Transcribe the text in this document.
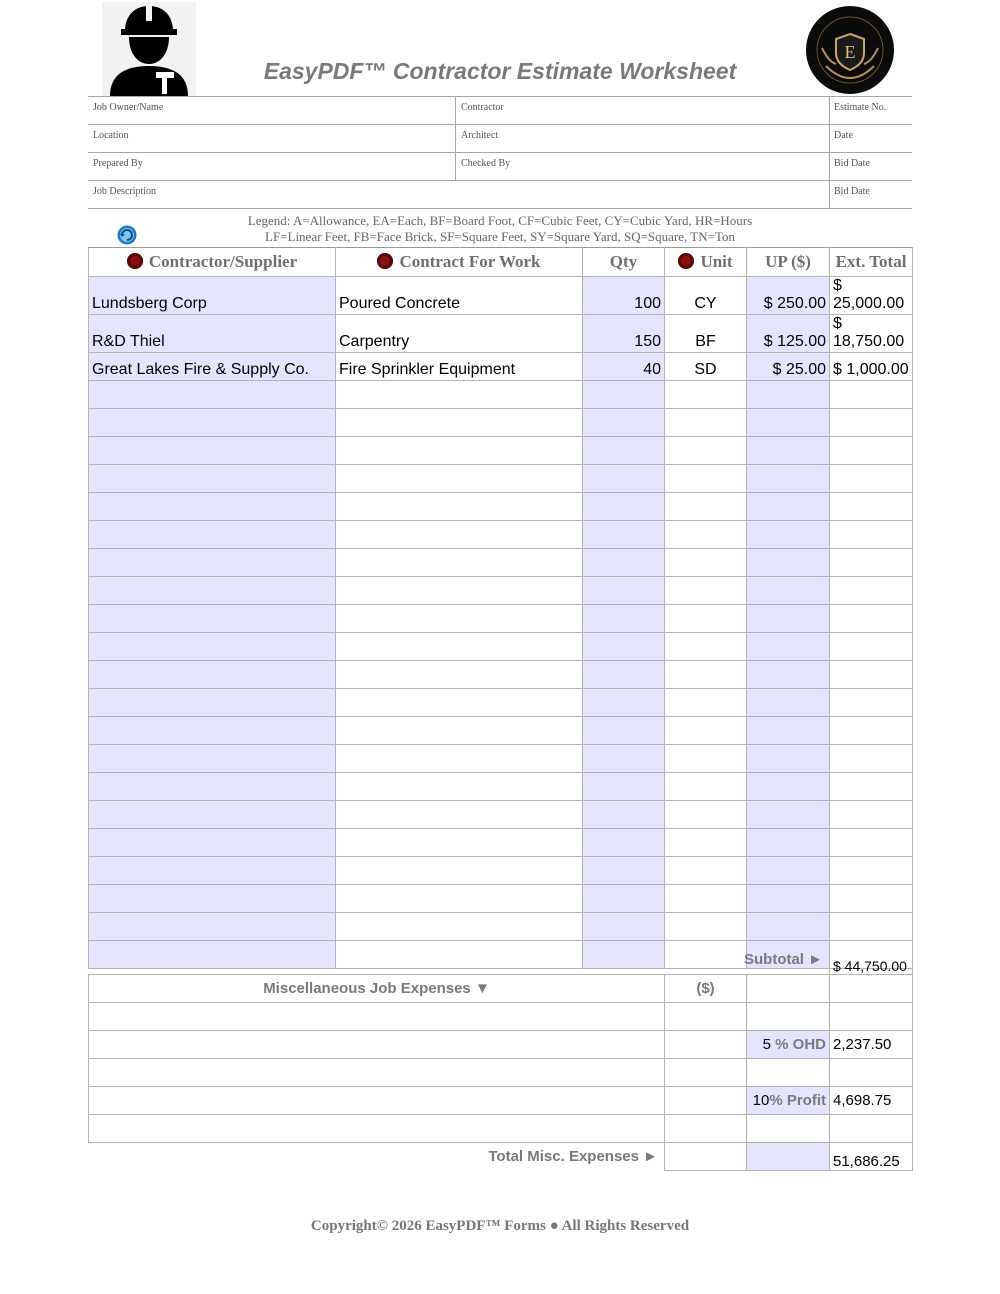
E
EasyPDF™ Contractor Estimate Worksheet
Job Owner/Name	Contractor	Estimate No.
Location	Architect	Date
Prepared By	Checked By	Bid Date
Job Description	Bid Date
Legend: A=Allowance, EA=Each, BF=Board Foot, CF=Cubic Feet, CY=Cubic Yard, HR=Hours
LF=Linear Feet, FB=Face Brick, SF=Square Feet, SY=Square Yard, SQ=Square, TN=Ton
Contractor/Supplier	Contract For Work	Qty	Unit	UP ($)	Ext. Total
Lundsberg Corp	Poured Concrete	100	CY	$ 250.00	$ 25,000.00
R&D Thiel	Carpentry	150	BF	$ 125.00	$ 18,750.00
Great Lakes Fire & Supply Co.	Fire Sprinkler Equipment	40	SD	$ 25.00	$ 1,000.00

Subtotal ►			$ 44,750.00
Miscellaneous Job Expenses ▼	($)		

		5 % OHD	2,237.50

		10% Profit	4,698.75

Total Misc. Expenses ►			51,686.25
Copyright© 2026 EasyPDF™ Forms ● All Rights Reserved
